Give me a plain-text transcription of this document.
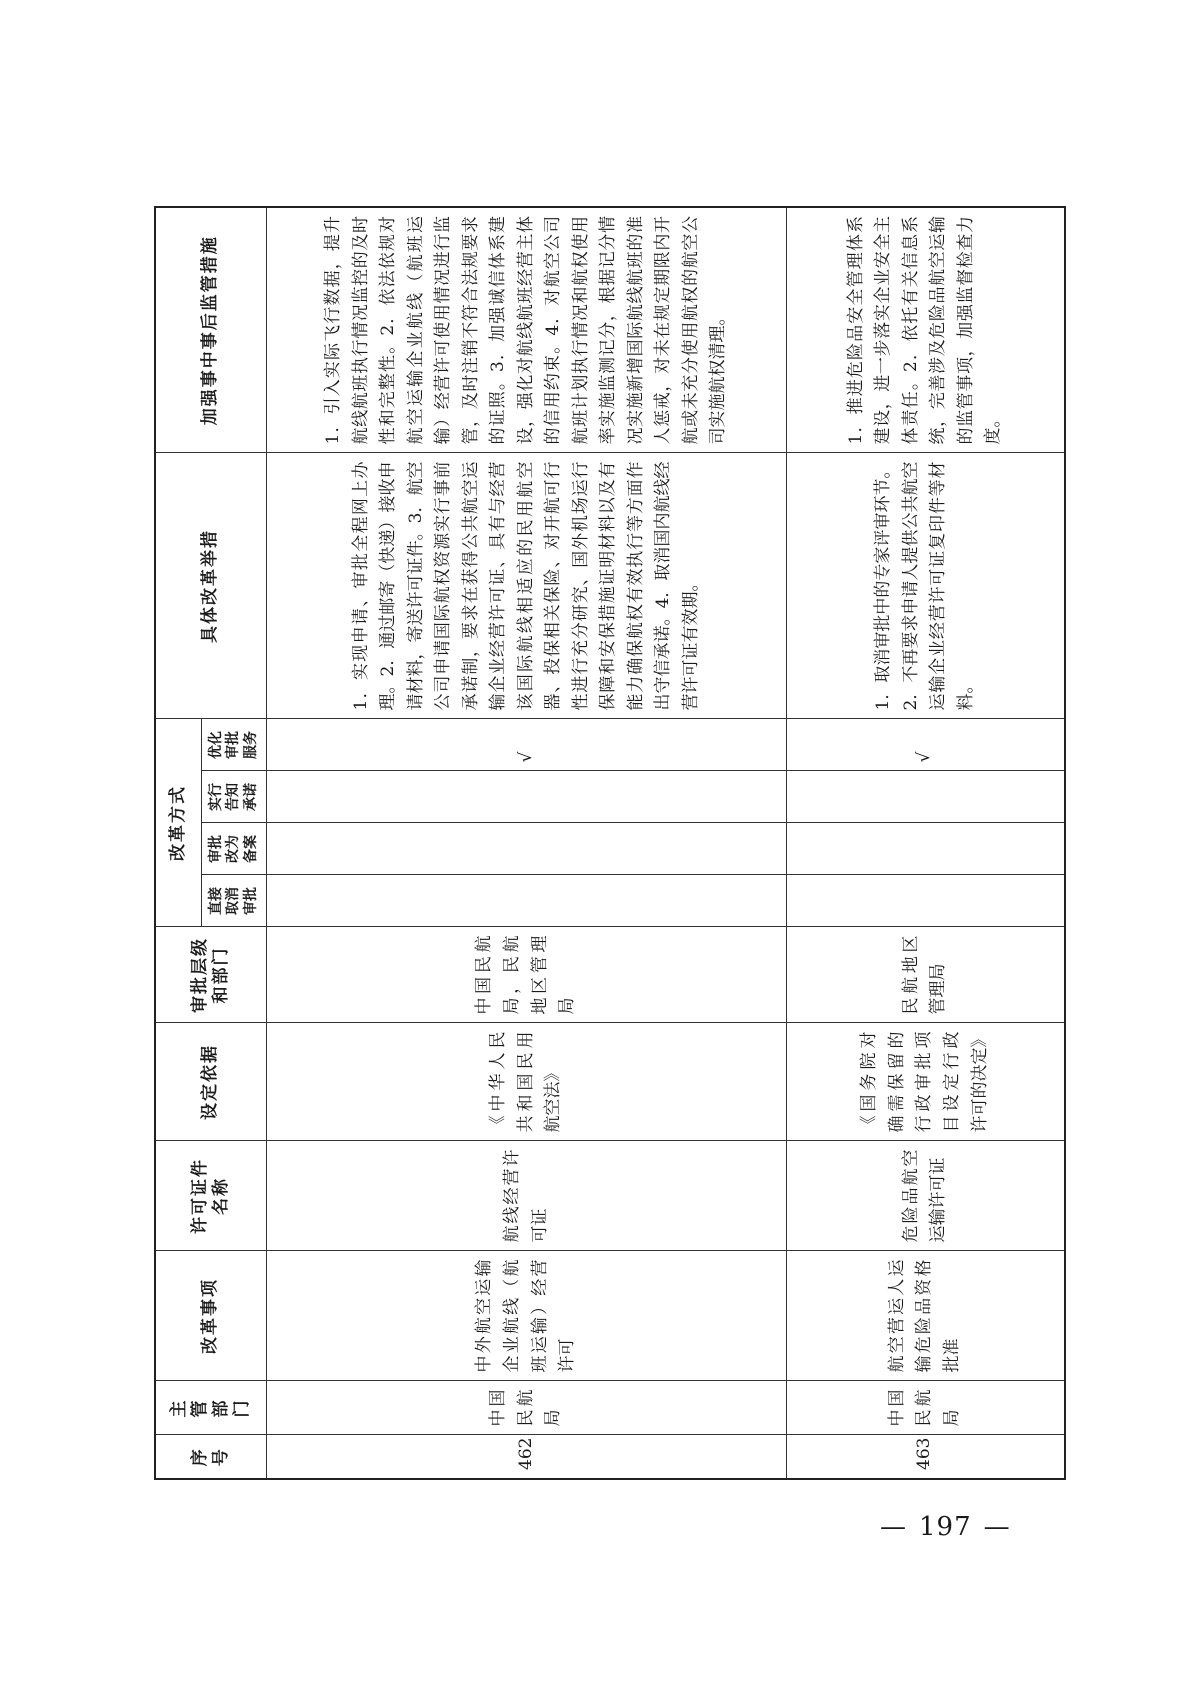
序号	主管部门	改革事项	许可证件名称	设定依据	审批层级和部门	改革方式				具体改革举措	加强事中事后监管措施
						直接取消审批	审批改为备案	实行告知承诺	优化审批服务		
462	中国民航局	中外航空运输企业航线（航班运输）经营许可	航线经营许可证	《中华人民共和国民用航空法》	中国民航局，民航地区管理局				√	1．实现申请、审批全程网上办理。2．通过邮寄（快递）接收申请材料，寄送许可证件。3．航空公司申请国际航权资源实行事前承诺制，要求在获得公共航空运输企业经营许可证、具有与经营该国际航线相适应的民用航空器、投保相关保险、对开航可行性进行充分研究、国外机场运行保障和安保措施证明材料以及有能力确保航权有效执行等方面作出守信承诺。4．取消国内航线经营许可证有效期。	1．引入实际飞行数据，提升航线航班执行情况监控的及时性和完整性。2．依法依规对航空运输企业航线（航班运输）经营许可使用情况进行监管，及时注销不符合法规要求的证照。3．加强诚信体系建设，强化对航线航班经营主体的信用约束。4．对航空公司航班计划执行情况和航权使用率实施监测记分，根据记分情况实施新增国际航线航班的准人惩戒，对未在规定期限内开航或未充分使用航权的航空公司实施航权清理。
463	中国民航局	航空营运人运输危险品资格批准	危险品航空运输许可证	《国务院对确需保留的行政审批项目设定行政许可的决定》	民航地区管理局				√	1．取消审批中的专家评审环节。2．不再要求申请人提供公共航空运输企业经营许可证复印件等材料。	1．推进危险品安全管理体系建设，进一步落实企业安全主体责任。2．依托有关信息系统，完善涉及危险品航空运输的监管事项，加强监督检查力度。
— 197 —
